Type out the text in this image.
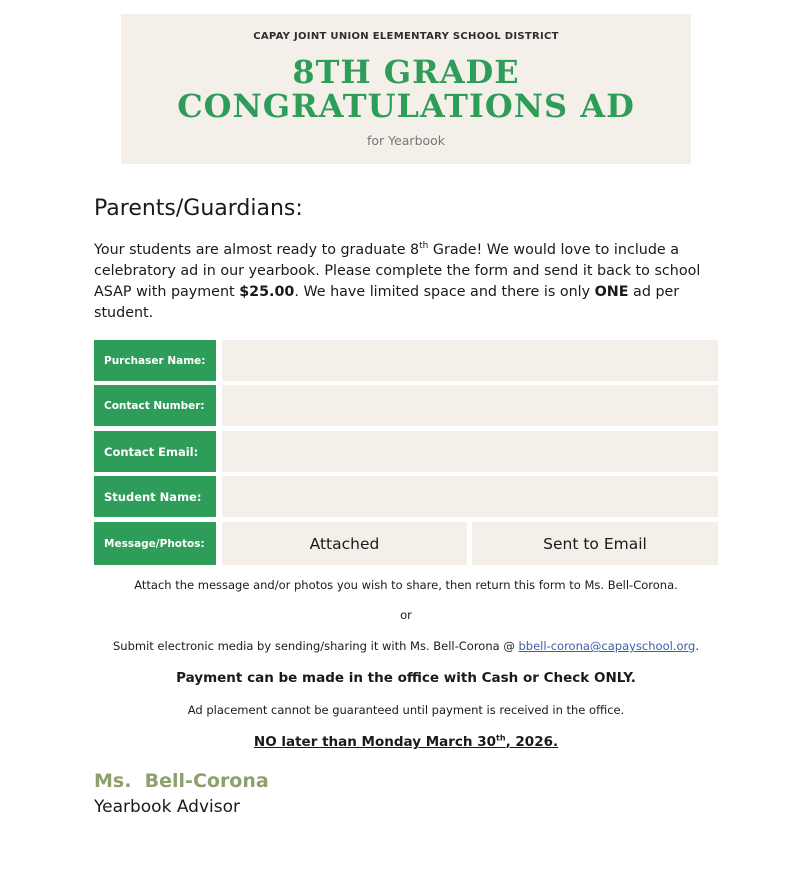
CAPAY JOINT UNION ELEMENTARY SCHOOL DISTRICT
8TH GRADE
CONGRATULATIONS AD
for Yearbook
Parents/Guardians:
Your students are almost ready to graduate 8th Grade! We would love to include a celebratory ad in our yearbook. Please complete the form and send it back to school ASAP with payment $25.00. We have limited space and there is only ONE ad per student.
Purchaser Name:
Contact Number:
Contact Email:
Student Name:
Message/Photos:	Attached	Sent to Email
Attach the message and/or photos you wish to share, then return this form to Ms. Bell-Corona.
or
Submit electronic media by sending/sharing it with Ms. Bell-Corona @ bbell-corona@capayschool.org.
Payment can be made in the office with Cash or Check ONLY.
Ad placement cannot be guaranteed until payment is received in the office.
NO later than Monday March 30th, 2026.
Ms.  Bell-Corona
Yearbook Advisor
